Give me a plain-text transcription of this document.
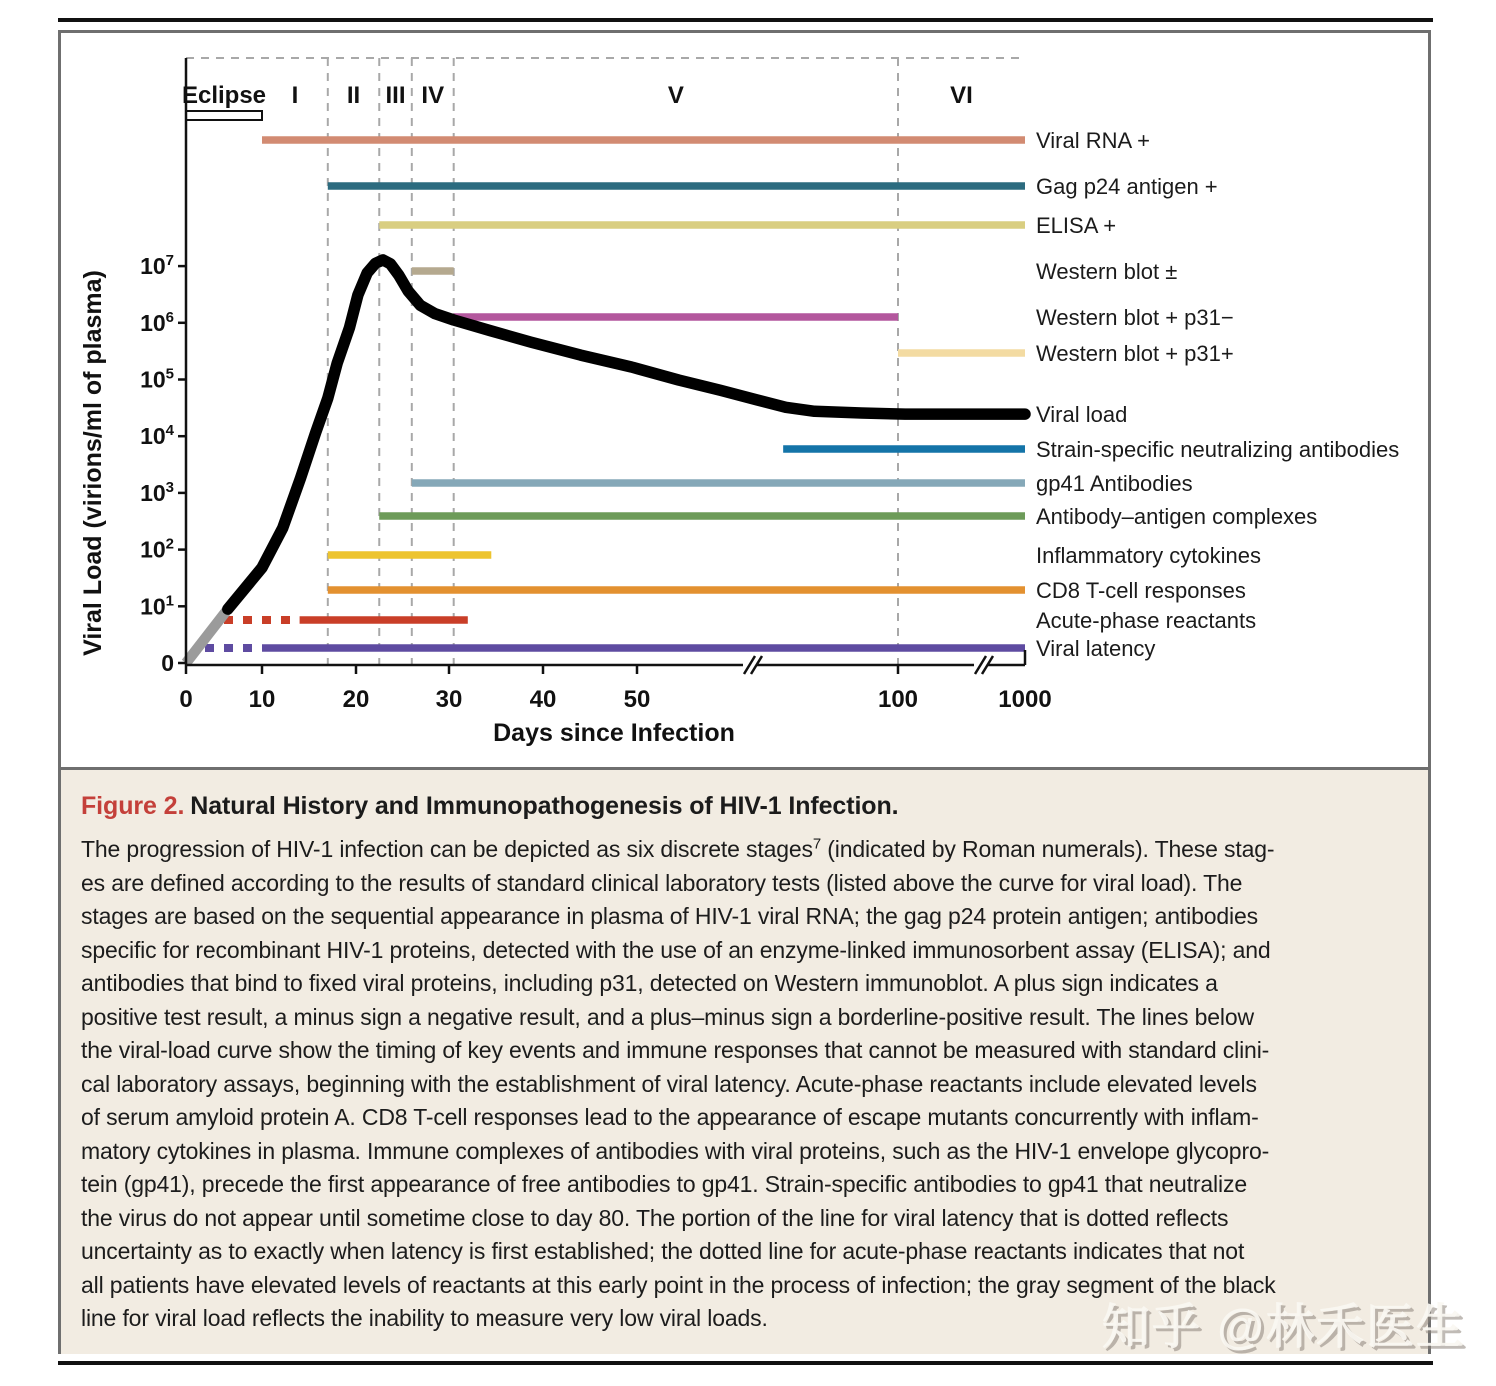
Eclipse I II III IV	V	VI
Viral RNA +
Gag p24 antigen +
ELISA +
Western blot ±
Western blot + p31−
Western blot + p31+
Strain-specific neutralizing antibodies
gp41 Antibodies
Antibody–antigen complexes
Inflammatory cytokines
CD8 T-cell responses
Acute-phase reactants
Viral latency
Viral load
$10^1$
$10^2$
$10^3$
$10^4$
$10^5$
$10^6$
$10^7$
0
0 10	20	30	40	50	100	1000
Days since Infection
Viral Load (virions/ml of plasma)

Figure 2. Natural History and Immunopathogenesis of HIV-1 Infection.

The progression of HIV-1 infection can be depicted as six discrete stages$^7$ (indicated by Roman numerals). These stag-
es are defined according to the results of standard clinical laboratory tests (listed above the curve for viral load). The
stages are based on the sequential appearance in plasma of HIV-1 viral RNA; the gag p24 protein antigen; antibodies
specific for recombinant HIV-1 proteins, detected with the use of an enzyme-linked immunosorbent assay (ELISA); and
antibodies that bind to fixed viral proteins, including p31, detected on Western immunoblot. A plus sign indicates a
positive test result, a minus sign a negative result, and a plus–minus sign a borderline-positive result. The lines below
the viral-load curve show the timing of key events and immune responses that cannot be measured with standard clini-
cal laboratory assays, beginning with the establishment of viral latency. Acute-phase reactants include elevated levels
of serum amyloid protein A. CD8 T-cell responses lead to the appearance of escape mutants concurrently with inflam-
matory cytokines in plasma. Immune complexes of antibodies with viral proteins, such as the HIV-1 envelope glycopro-
tein (gp41), precede the first appearance of free antibodies to gp41. Strain-specific antibodies to gp41 that neutralize
the virus do not appear until sometime close to day 80. The portion of the line for viral latency that is dotted reflects
uncertainty as to exactly when latency is first established; the dotted line for acute-phase reactants indicates that not
all patients have elevated levels of reactants at this early point in the process of infection; the gray segment of the black
line for viral load reflects the inability to measure very low viral loads.	知乎 @林禾医生
